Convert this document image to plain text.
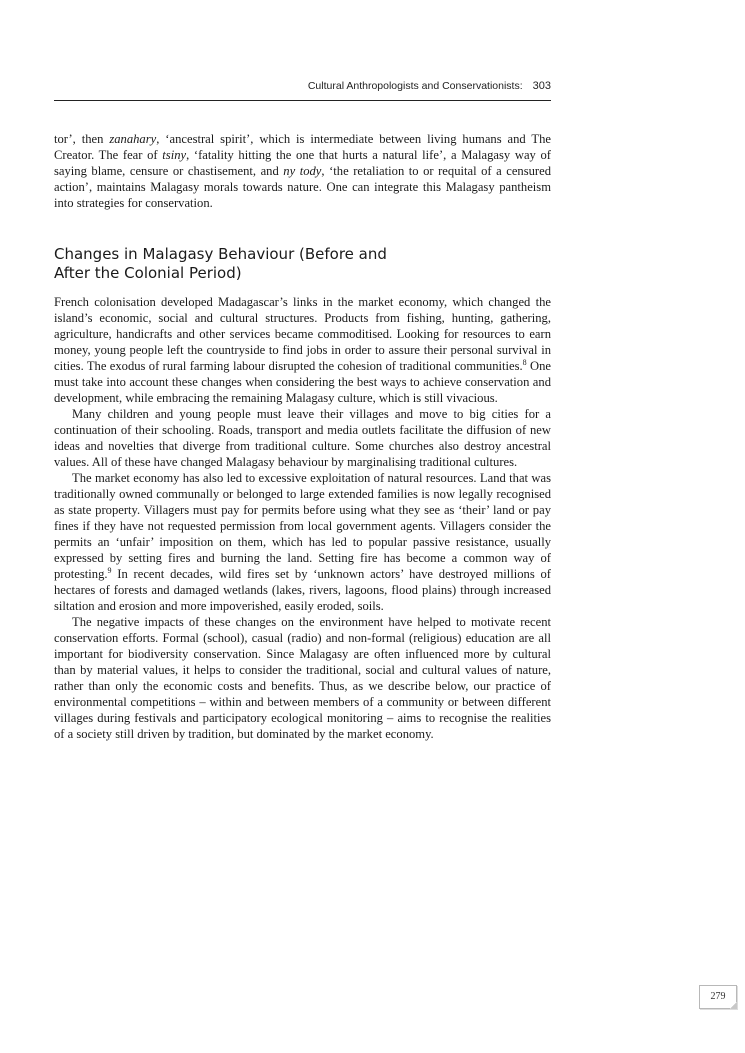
Cultural Anthropologists and Conservationists: 303

tor’, then zanahary, ‘ancestral spirit’, which is intermediate between living humans and The Creator. The fear of tsiny, ‘fatality hitting the one that hurts a natural life’, a Malagasy way of saying blame, censure or chastisement, and ny tody, ‘the retaliation to or requital of a censured action’, maintains Malagasy morals towards nature. One can integrate this Malagasy pantheism into strategies for conservation.

Changes in Malagasy Behaviour (Before and
After the Colonial Period)

French colonisation developed Madagascar’s links in the market economy, which changed the island’s economic, social and cultural structures. Products from fishing, hunting, gathering, agriculture, handicrafts and other services became commoditised. Looking for resources to earn money, young people left the countryside to find jobs in order to assure their personal survival in cities. The exodus of rural farming labour disrupted the cohesion of traditional communities.$^8$ One must take into account these changes when considering the best ways to achieve conservation and development, while embracing the remaining Malagasy culture, which is still vivacious.

Many children and young people must leave their villages and move to big cities for a continuation of their schooling. Roads, transport and media outlets facilitate the diffusion of new ideas and novelties that diverge from traditional culture. Some churches also destroy ancestral values. All of these have changed Malagasy behaviour by marginalising traditional cultures.

The market economy has also led to excessive exploitation of natural resources. Land that was traditionally owned communally or belonged to large extended families is now legally recognised as state property. Villagers must pay for permits before using what they see as ‘their’ land or pay fines if they have not requested permission from local government agents. Villagers consider the permits an ‘unfair’ imposition on them, which has led to popular passive resistance, usually expressed by setting fires and burning the land. Setting fire has become a common way of protesting.$^9$ In recent decades, wild fires set by ‘unknown actors’ have destroyed millions of hectares of forests and damaged wetlands (lakes, rivers, lagoons, flood plains) through increased siltation and erosion and more impoverished, easily eroded, soils.

The negative impacts of these changes on the environment have helped to motivate recent conservation efforts. Formal (school), casual (radio) and non-formal (religious) education are all important for biodiversity conservation. Since Malagasy are often influenced more by cultural than by material values, it helps to consider the traditional, social and cultural values of nature, rather than only the economic costs and benefits. Thus, as we describe below, our practice of environmental competitions – within and between members of a community or between different villages during festivals and participatory ecological monitoring – aims to recognise the realities of a society still driven by tradition, but dominated by the market economy.

279
